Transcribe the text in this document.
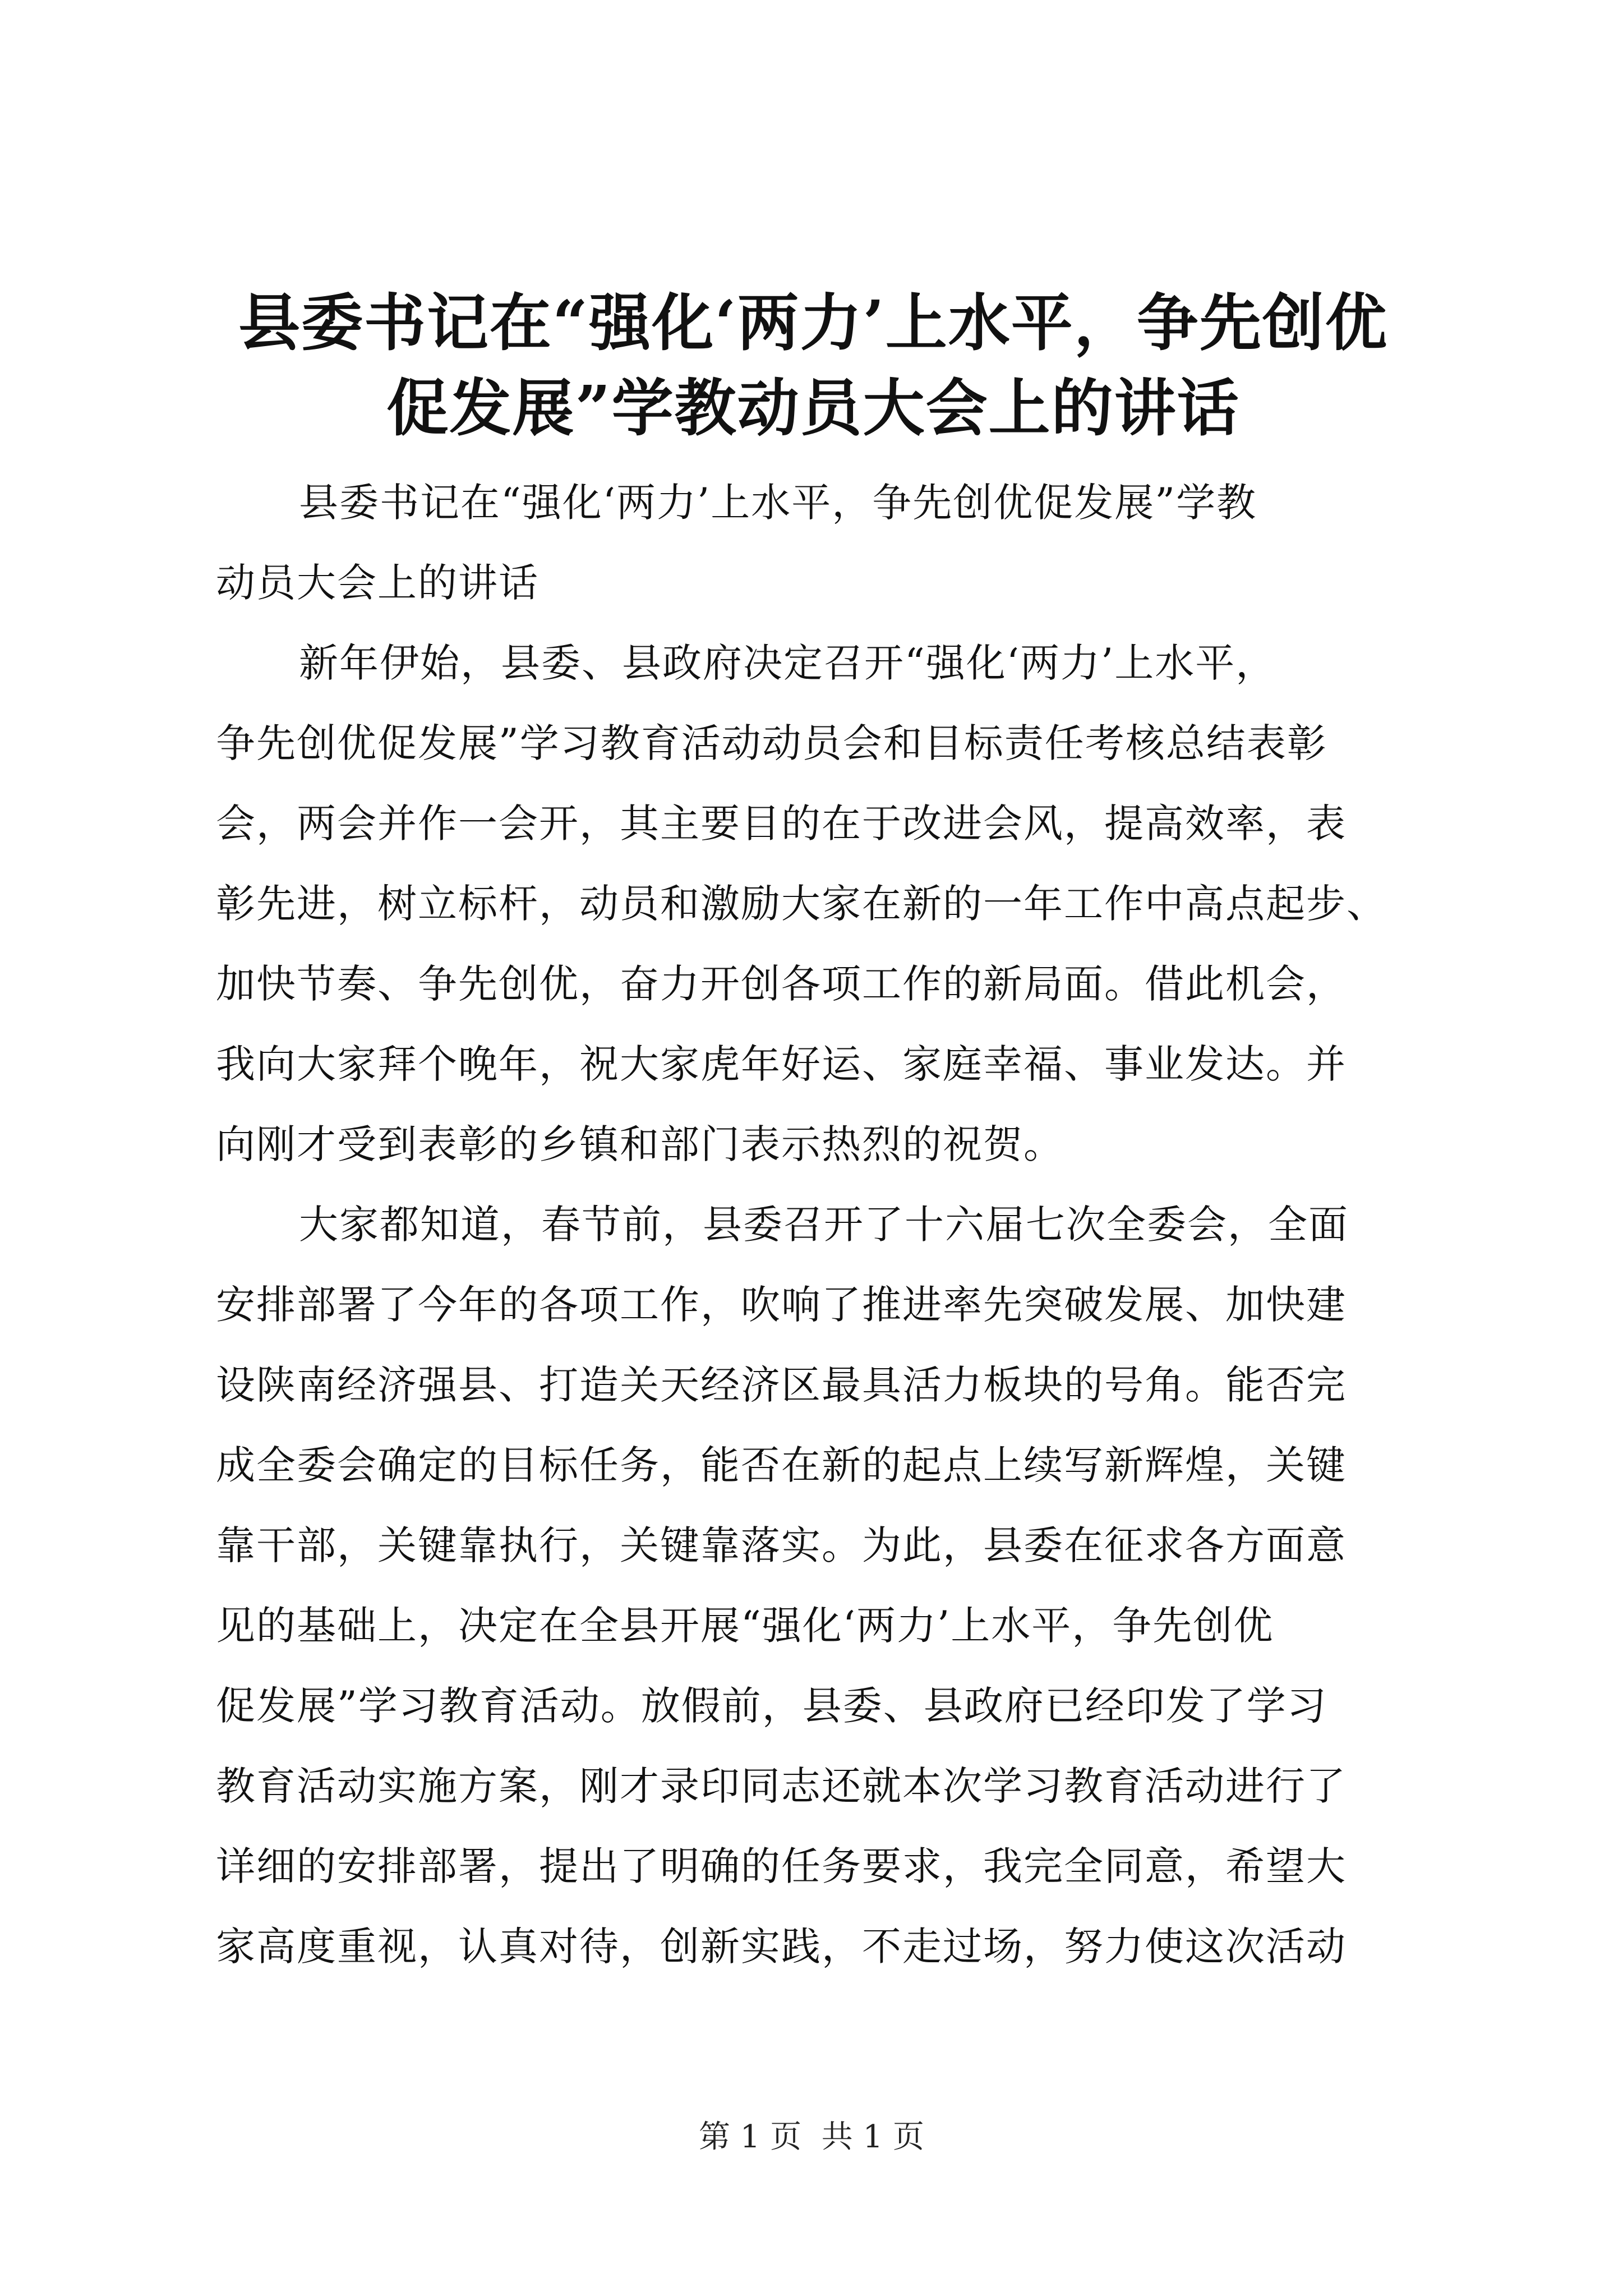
县委书记在“强化‘两力’上水平，争先创优
促发展”学教动员大会上的讲话

县委书记在“强化‘两力’上水平，争先创优促发展”学教
动员大会上的讲话

新年伊始，县委、县政府决定召开“强化‘两力’上水平，
争先创优促发展”学习教育活动动员会和目标责任考核总结表彰
会，两会并作一会开，其主要目的在于改进会风，提高效率，表
彰先进，树立标杆，动员和激励大家在新的一年工作中高点起步、
加快节奏、争先创优，奋力开创各项工作的新局面。借此机会，
我向大家拜个晚年，祝大家虎年好运、家庭幸福、事业发达。并
向刚才受到表彰的乡镇和部门表示热烈的祝贺。

大家都知道，春节前，县委召开了十六届七次全委会，全面
安排部署了今年的各项工作，吹响了推进率先突破发展、加快建
设陕南经济强县、打造关天经济区最具活力板块的号角。能否完
成全委会确定的目标任务，能否在新的起点上续写新辉煌，关键
靠干部，关键靠执行，关键靠落实。为此，县委在征求各方面意
见的基础上，决定在全县开展“强化‘两力’上水平，争先创优
促发展”学习教育活动。放假前，县委、县政府已经印发了学习
教育活动实施方案，刚才录印同志还就本次学习教育活动进行了
详细的安排部署，提出了明确的任务要求，我完全同意，希望大
家高度重视，认真对待，创新实践，不走过场，努力使这次活动

第 1 页  共 1 页
